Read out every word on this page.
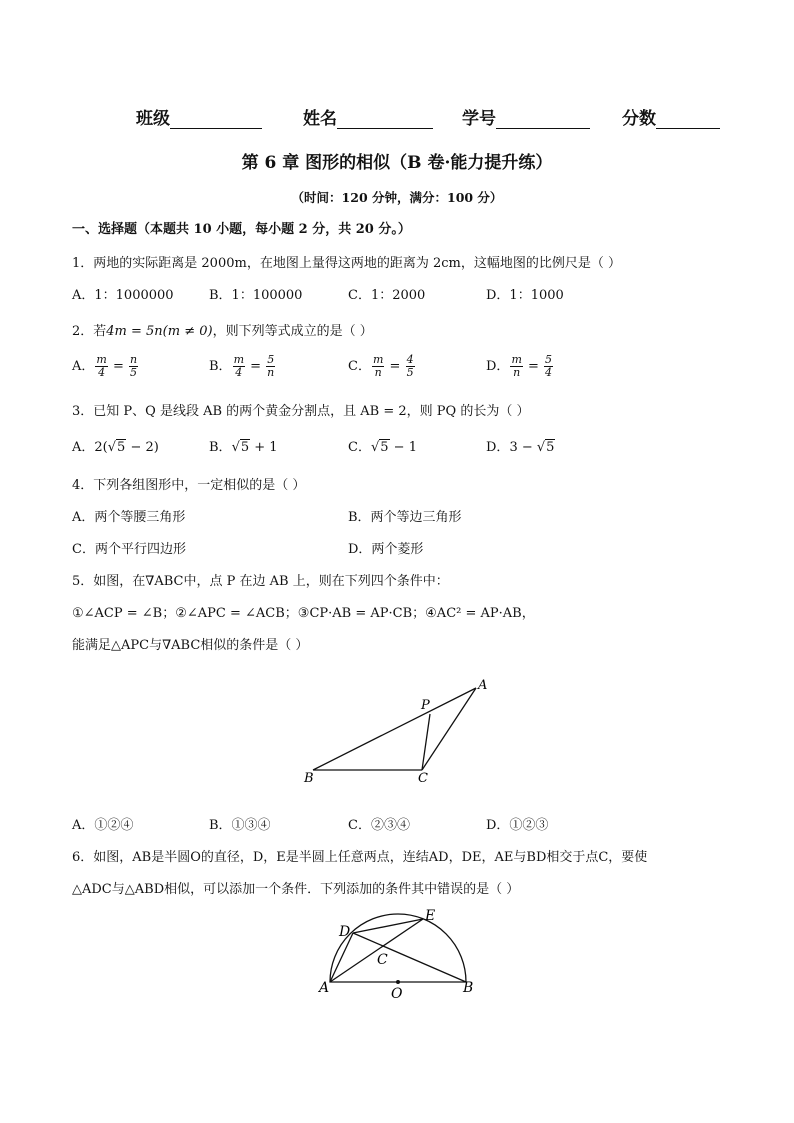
班级	姓名	学号	分数
第 6 章 图形的相似（B 卷·能力提升练）
（时间：120 分钟，满分：100 分）
一、选择题（本题共 10 小题，每小题 2 分，共 20 分。）
1．两地的实际距离是 2000m，在地图上量得这两地的距离为 2cm，这幅地图的比例尺是（ ）
A．1：1000000	B．1：100000	C．1：2000	D．1：1000
2．若4m = 5n(m ≠ 0)，则下列等式成立的是（ ）
A． $\frac{m}{4} = \frac{n}{5}$	B． $\frac{m}{4} = \frac{5}{n}$	C． $\frac{m}{n} = \frac{4}{5}$	D． $\frac{m}{n} = \frac{5}{4}$
3．已知 P、Q 是线段 AB 的两个黄金分割点，且 AB = 2，则 PQ 的长为（ ）
A．2(√5 − 2)	B．√5 + 1	C．√5 − 1	D．3 − √5
4．下列各组图形中，一定相似的是（ ）
A．两个等腰三角形	B．两个等边三角形
C．两个平行四边形	D．两个菱形
5．如图，在∇ABC中，点 P 在边 AB 上，则在下列四个条件中：
①∠ACP = ∠B；②∠APC = ∠ACB；③CP·AB = AP·CB；④AC² = AP·AB，
能满足△APC与∇ABC相似的条件是（ ）
A
B	C
P
A．①②④	B．①③④	C．②③④	D．①②③
6．如图，AB是半圆O的直径，D，E是半圆上任意两点，连结AD，DE，AE与BD相交于点C，要使
△ADC与△ABD相似，可以添加一个条件．下列添加的条件其中错误的是（ ）
D
E
C
A	B
O
